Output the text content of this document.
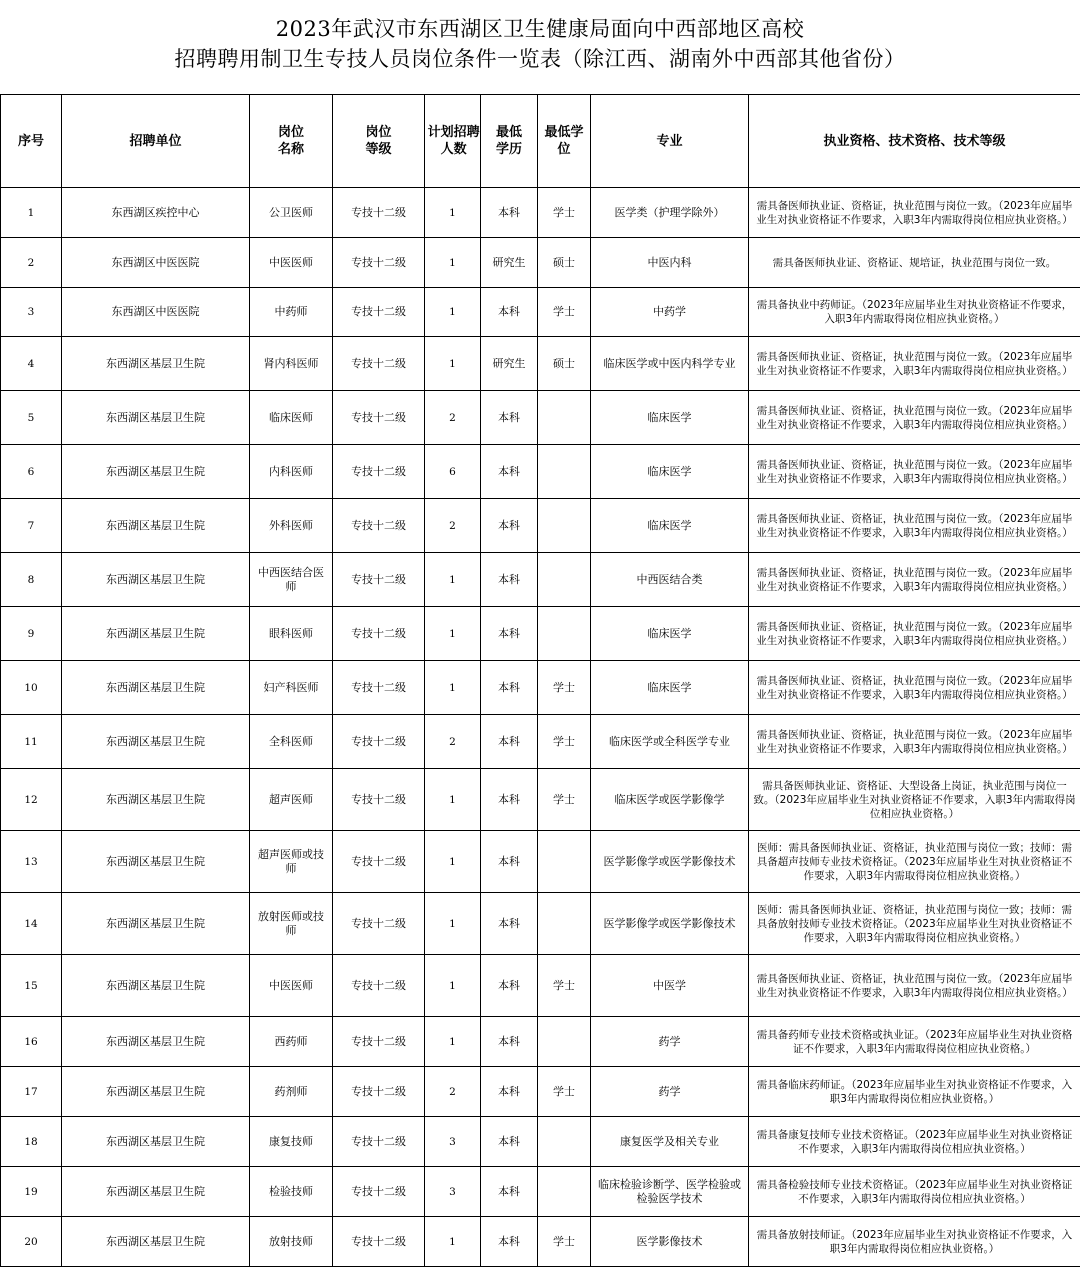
2023年武汉市东西湖区卫生健康局面向中西部地区高校
招聘聘用制卫生专技人员岗位条件一览表（除江西、湖南外中西部其他省份）
序号	招聘单位	岗位名称	岗位等级	计划招聘人数	最低学历	最低学位	专业	执业资格、技术资格、技术等级
1	东西湖区疾控中心	公卫医师	专技十二级	1	本科	学士	医学类（护理学除外）	需具备医师执业证、资格证，执业范围与岗位一致。（2023年应届毕业生对执业资格证不作要求，入职3年内需取得岗位相应执业资格。）
2	东西湖区中医医院	中医医师	专技十二级	1	研究生	硕士	中医内科	需具备医师执业证、资格证、规培证，执业范围与岗位一致。
3	东西湖区中医医院	中药师	专技十二级	1	本科	学士	中药学	需具备执业中药师证。（2023年应届毕业生对执业资格证不作要求，入职3年内需取得岗位相应执业资格。）
4	东西湖区基层卫生院	肾内科医师	专技十二级	1	研究生	硕士	临床医学或中医内科学专业	需具备医师执业证、资格证，执业范围与岗位一致。（2023年应届毕业生对执业资格证不作要求，入职3年内需取得岗位相应执业资格。）
5	东西湖区基层卫生院	临床医师	专技十二级	2	本科		临床医学	需具备医师执业证、资格证，执业范围与岗位一致。（2023年应届毕业生对执业资格证不作要求，入职3年内需取得岗位相应执业资格。）
6	东西湖区基层卫生院	内科医师	专技十二级	6	本科		临床医学	需具备医师执业证、资格证，执业范围与岗位一致。（2023年应届毕业生对执业资格证不作要求，入职3年内需取得岗位相应执业资格。）
7	东西湖区基层卫生院	外科医师	专技十二级	2	本科		临床医学	需具备医师执业证、资格证，执业范围与岗位一致。（2023年应届毕业生对执业资格证不作要求，入职3年内需取得岗位相应执业资格。）
8	东西湖区基层卫生院	中西医结合医师	专技十二级	1	本科		中西医结合类	需具备医师执业证、资格证，执业范围与岗位一致。（2023年应届毕业生对执业资格证不作要求，入职3年内需取得岗位相应执业资格。）
9	东西湖区基层卫生院	眼科医师	专技十二级	1	本科		临床医学	需具备医师执业证、资格证，执业范围与岗位一致。（2023年应届毕业生对执业资格证不作要求，入职3年内需取得岗位相应执业资格。）
10	东西湖区基层卫生院	妇产科医师	专技十二级	1	本科	学士	临床医学	需具备医师执业证、资格证，执业范围与岗位一致。（2023年应届毕业生对执业资格证不作要求，入职3年内需取得岗位相应执业资格。）
11	东西湖区基层卫生院	全科医师	专技十二级	2	本科	学士	临床医学或全科医学专业	需具备医师执业证、资格证，执业范围与岗位一致。（2023年应届毕业生对执业资格证不作要求，入职3年内需取得岗位相应执业资格。）
12	东西湖区基层卫生院	超声医师	专技十二级	1	本科	学士	临床医学或医学影像学	需具备医师执业证、资格证、大型设备上岗证，执业范围与岗位一致。（2023年应届毕业生对执业资格证不作要求，入职3年内需取得岗位相应执业资格。）
13	东西湖区基层卫生院	超声医师或技师	专技十二级	1	本科		医学影像学或医学影像技术	医师：需具备医师执业证、资格证，执业范围与岗位一致；技师：需具备超声技师专业技术资格证。（2023年应届毕业生对执业资格证不作要求，入职3年内需取得岗位相应执业资格。）
14	东西湖区基层卫生院	放射医师或技师	专技十二级	1	本科		医学影像学或医学影像技术	医师：需具备医师执业证、资格证，执业范围与岗位一致；技师：需具备放射技师专业技术资格证。（2023年应届毕业生对执业资格证不作要求，入职3年内需取得岗位相应执业资格。）
15	东西湖区基层卫生院	中医医师	专技十二级	1	本科	学士	中医学	需具备医师执业证、资格证，执业范围与岗位一致。（2023年应届毕业生对执业资格证不作要求，入职3年内需取得岗位相应执业资格。）
16	东西湖区基层卫生院	西药师	专技十二级	1	本科		药学	需具备药师专业技术资格或执业证。（2023年应届毕业生对执业资格证不作要求，入职3年内需取得岗位相应执业资格。）
17	东西湖区基层卫生院	药剂师	专技十二级	2	本科	学士	药学	需具备临床药师证。（2023年应届毕业生对执业资格证不作要求，入职3年内需取得岗位相应执业资格。）
18	东西湖区基层卫生院	康复技师	专技十二级	3	本科		康复医学及相关专业	需具备康复技师专业技术资格证。（2023年应届毕业生对执业资格证不作要求，入职3年内需取得岗位相应执业资格。）
19	东西湖区基层卫生院	检验技师	专技十二级	3	本科		临床检验诊断学、医学检验或检验医学技术	需具备检验技师专业技术资格证。（2023年应届毕业生对执业资格证不作要求，入职3年内需取得岗位相应执业资格。）
20	东西湖区基层卫生院	放射技师	专技十二级	1	本科	学士	医学影像技术	需具备放射技师证。（2023年应届毕业生对执业资格证不作要求，入职3年内需取得岗位相应执业资格。）
